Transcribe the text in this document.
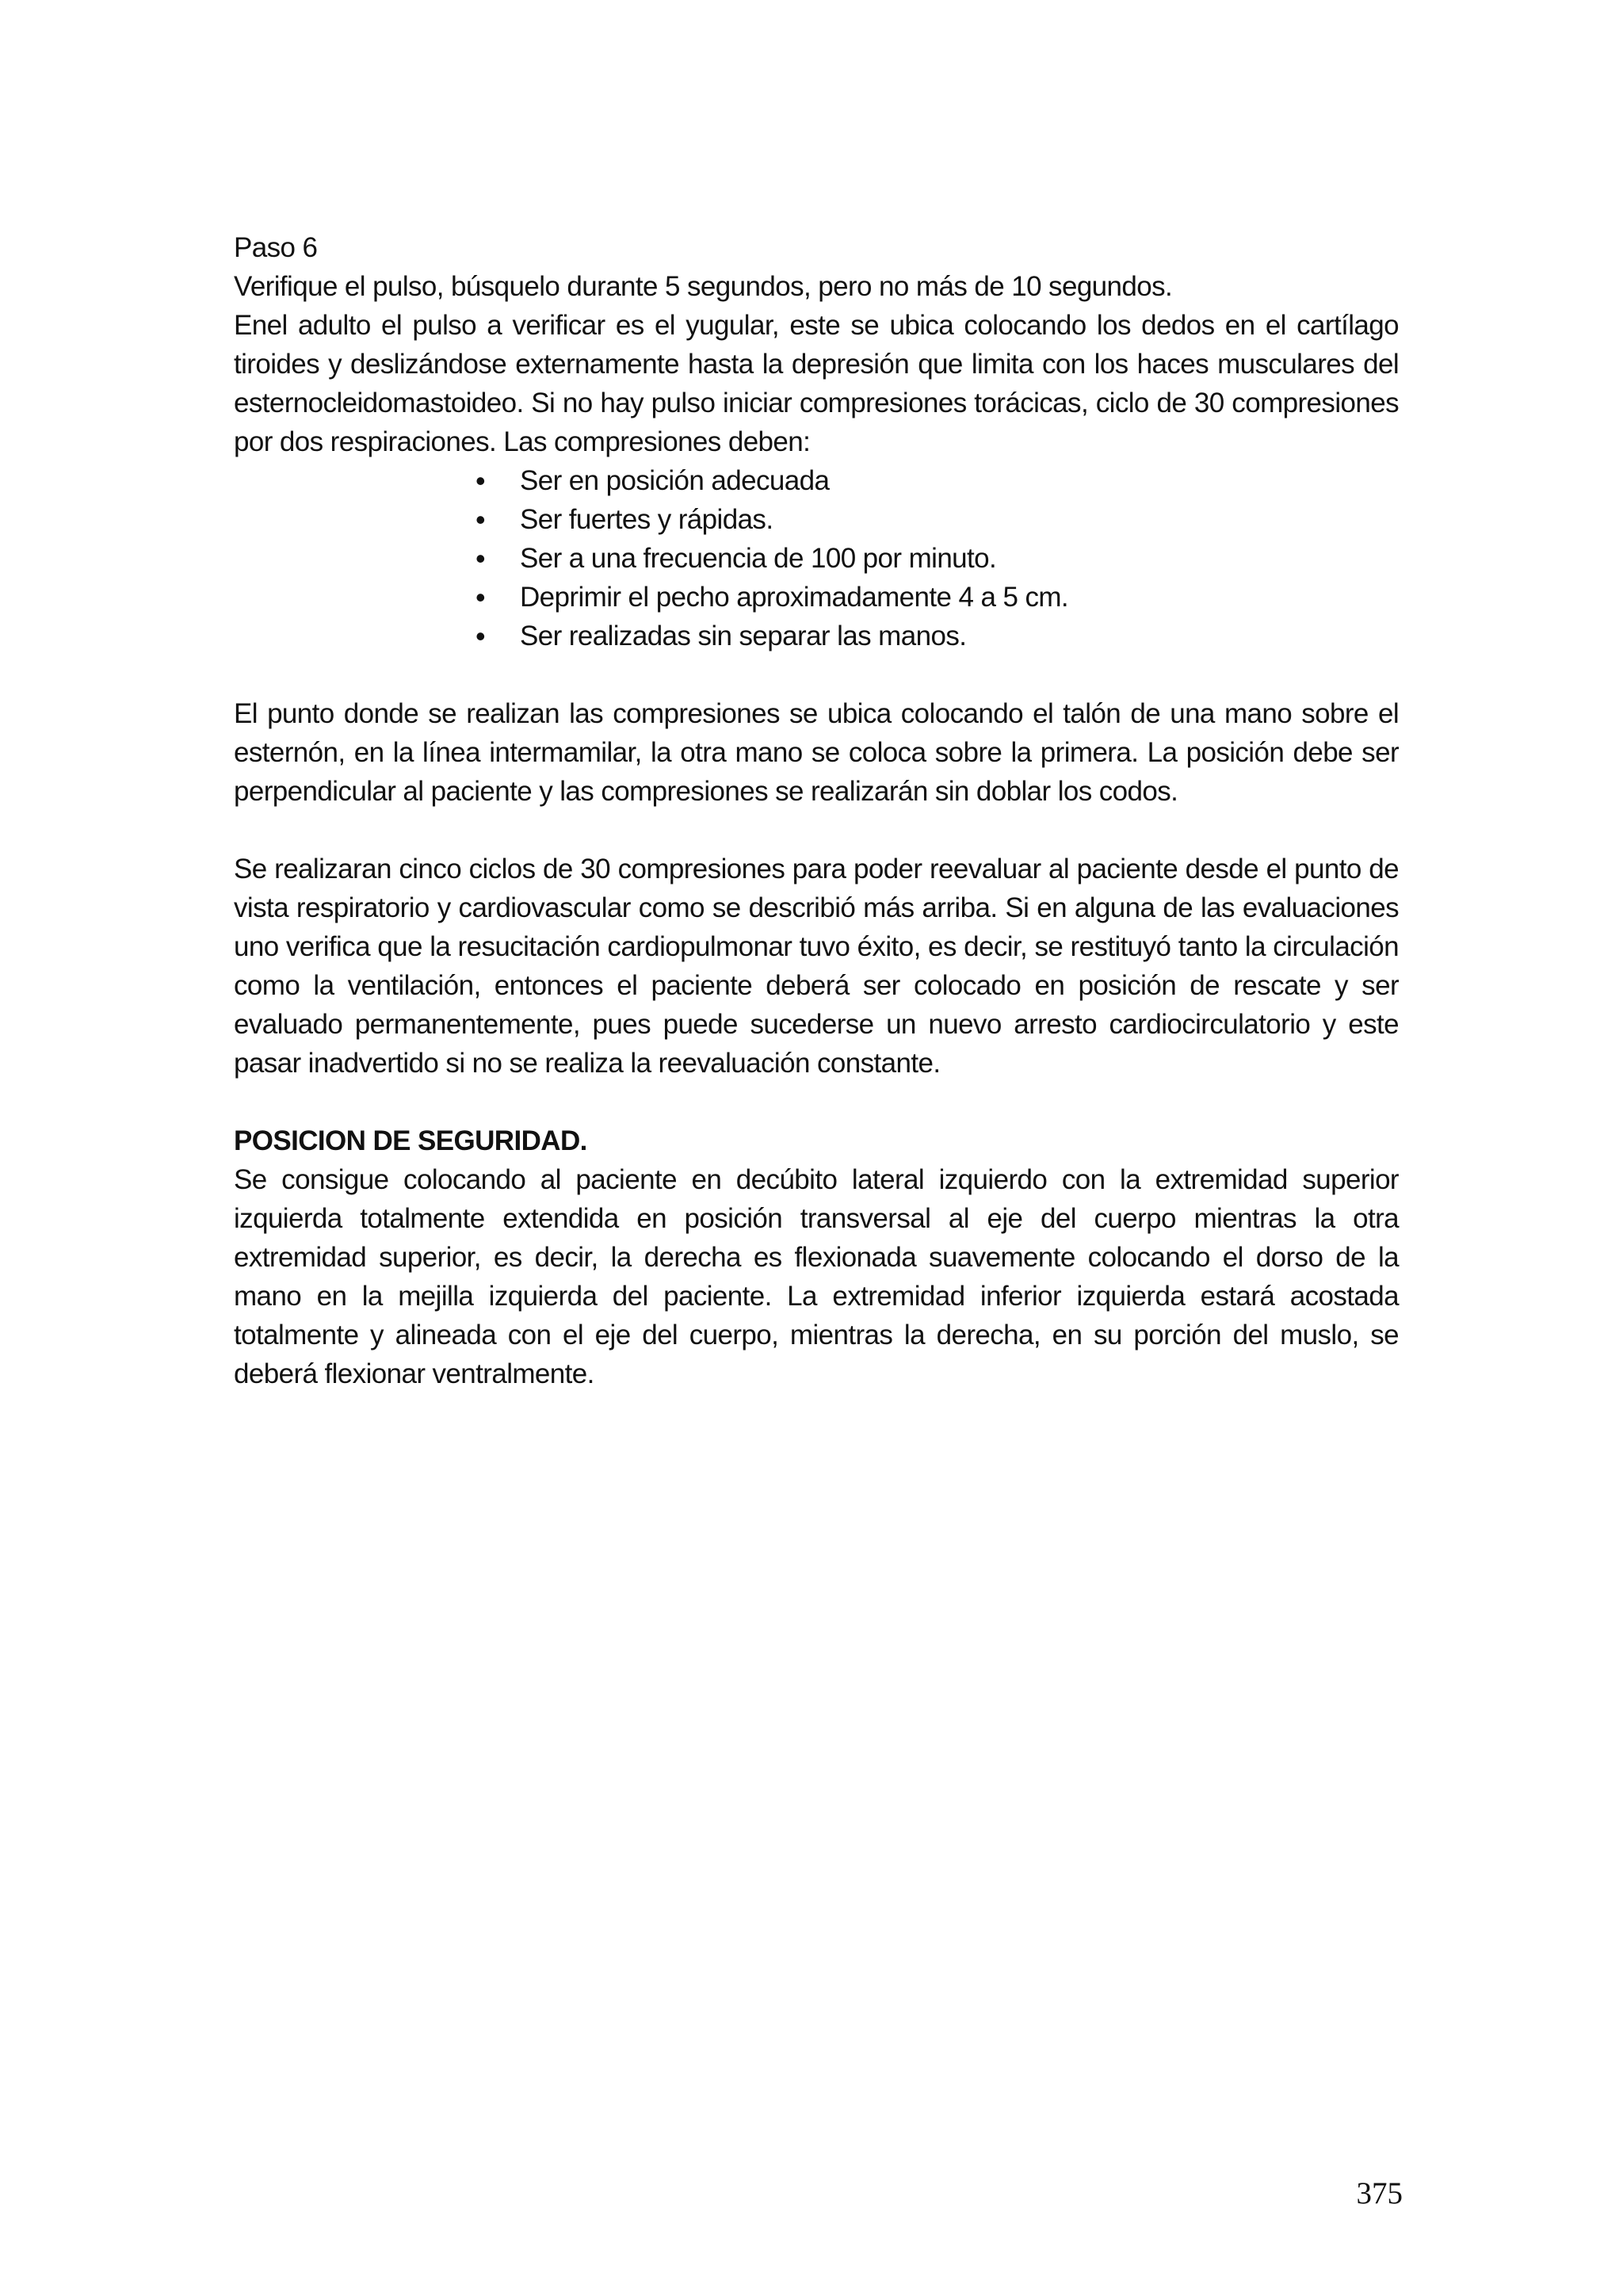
Paso 6

Verifique el pulso, búsquelo durante 5 segundos, pero no más de 10 segundos.

Enel adulto el pulso a verificar es el yugular, este se ubica colocando los dedos en el cartílago tiroides y deslizándose externamente hasta la depresión que limita con los haces musculares del esternocleidomastoideo. Si no hay pulso iniciar compresiones torácicas, ciclo de 30 compresiones por dos respiraciones. Las compresiones deben:

• Ser en posición adecuada
• Ser fuertes y rápidas.
• Ser a una frecuencia de 100 por minuto.
• Deprimir el pecho aproximadamente 4 a 5 cm.
• Ser realizadas sin separar las manos.

El punto donde se realizan las compresiones se ubica colocando el talón de una mano sobre el esternón, en la línea intermamilar, la otra mano se coloca sobre la primera. La posición debe ser perpendicular al paciente y las compresiones se realizarán sin doblar los codos.

Se realizaran cinco ciclos de 30 compresiones para poder reevaluar al paciente desde el punto de vista respiratorio y cardiovascular como se describió más arriba. Si en alguna de las evaluaciones uno verifica que la resucitación cardiopulmonar tuvo éxito, es decir, se restituyó tanto la circulación como la ventilación, entonces el paciente deberá ser colocado en posición de rescate y ser evaluado permanentemente, pues puede sucederse un nuevo arresto cardiocirculatorio y este pasar inadvertido si no se realiza la reevaluación constante.

POSICION DE SEGURIDAD.

Se consigue colocando al paciente en decúbito lateral izquierdo con la extremidad superior izquierda totalmente extendida en posición transversal al eje del cuerpo mientras la otra extremidad superior, es decir, la derecha es flexionada suavemente colocando el dorso de la mano en la mejilla izquierda del paciente. La extremidad inferior izquierda estará acostada totalmente y alineada con el eje del cuerpo, mientras la derecha, en su porción del muslo, se deberá flexionar ventralmente.

375
